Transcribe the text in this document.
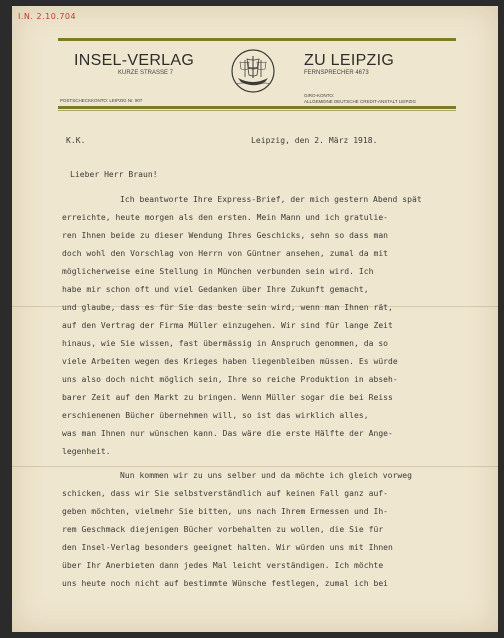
I.N. 2.10.704
INSEL-VERLAG
KURZE STRASSE 7
ZU LEIPZIG
FERNSPRECHER 4673
POSTSCHECKKONTO: LEIPZIG Nr. 907
GIRO-KONTO:
ALLGEMEINE DEUTSCHE CREDIT-ANSTALT LEIPZIG
K.K.	Leipzig, den 2. März 1918.
Lieber Herr Braun!
Ich beantworte Ihre Express-Brief, der mich gestern Abend spät
erreichte, heute morgen als den ersten. Mein Mann und ich gratulie-
ren Ihnen beide zu dieser Wendung Ihres Geschicks, sehn so dass man
doch wohl den Vorschlag von Herrn von Güntner ansehen, zumal da mit
möglicherweise eine Stellung in München verbunden sein wird. Ich
habe mir schon oft und viel Gedanken über Ihre Zukunft gemacht,
und glaube, dass es für Sie das beste sein wird, wenn man Ihnen rät,
auf den Vertrag der Firma Müller einzugehen. Wir sind für lange Zeit
hinaus, wie Sie wissen, fast übermässig in Anspruch genommen, da so
viele Arbeiten wegen des Krieges haben liegenbleiben müssen. Es würde
uns also doch nicht möglich sein, Ihre so reiche Produktion in abseh-
barer Zeit auf den Markt zu bringen. Wenn Müller sogar die bei Reiss
erschienenen Bücher übernehmen will, so ist das wirklich alles,
was man Ihnen nur wünschen kann. Das wäre die erste Hälfte der Ange-
legenheit.
Nun kommen wir zu uns selber und da möchte ich gleich vorweg
schicken, dass wir Sie selbstverständlich auf keinen Fall ganz auf-
geben möchten, vielmehr Sie bitten, uns nach Ihrem Ermessen und Ih-
rem Geschmack diejenigen Bücher vorbehalten zu wollen, die Sie für
den Insel-Verlag besonders geeignet halten. Wir würden uns mit Ihnen
über Ihr Anerbieten dann jedes Mal leicht verständigen. Ich möchte
uns heute noch nicht auf bestimmte Wünsche festlegen, zumal ich bei
